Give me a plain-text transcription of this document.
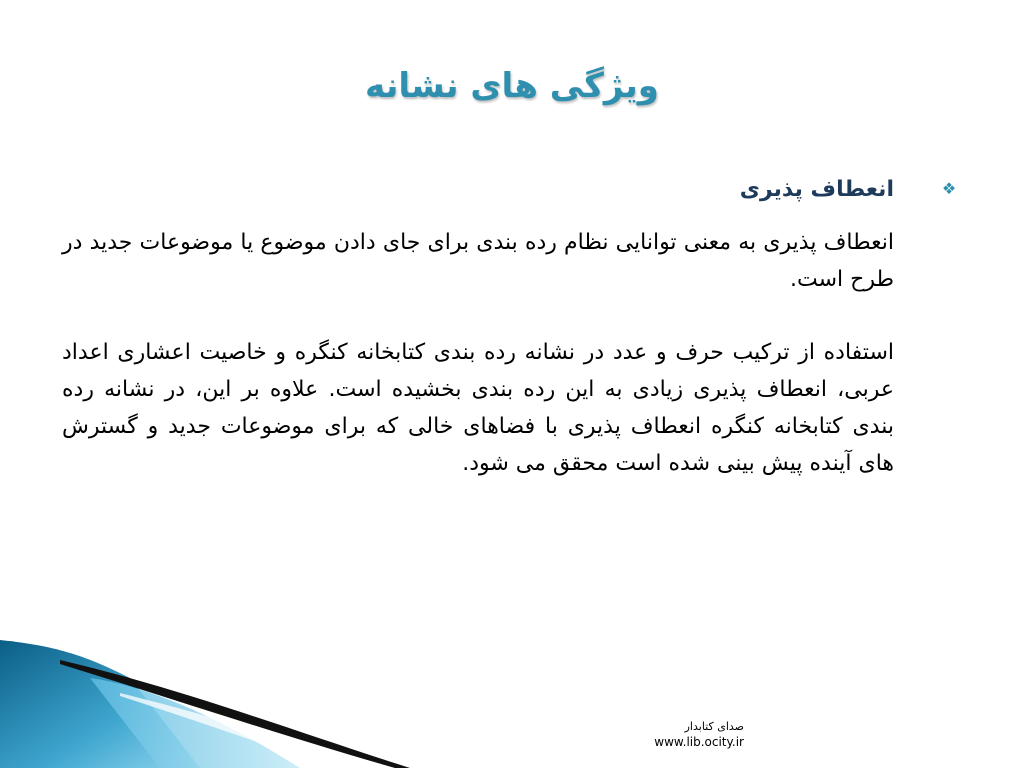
ویژگی های نشانه
❖
انعطاف پذیری

انعطاف پذیری به معنی توانایی نظام رده بندی برای جای دادن موضوع یا موضوعات جدید در طرح است.

استفاده از ترکیب حرف و عدد در نشانه رده بندی کتابخانه کنگره و خاصیت اعشاری اعداد عربی، انعطاف پذیری زیادی به این رده بندی بخشیده است. علاوه بر این، در نشانه رده بندی کتابخانه کنگره انعطاف پذیری با فضاهای خالی که برای موضوعات جدید و گسترش های آینده پیش بینی شده است محقق می شود.

صدای کتابدار
www.lib.ocity.ir
